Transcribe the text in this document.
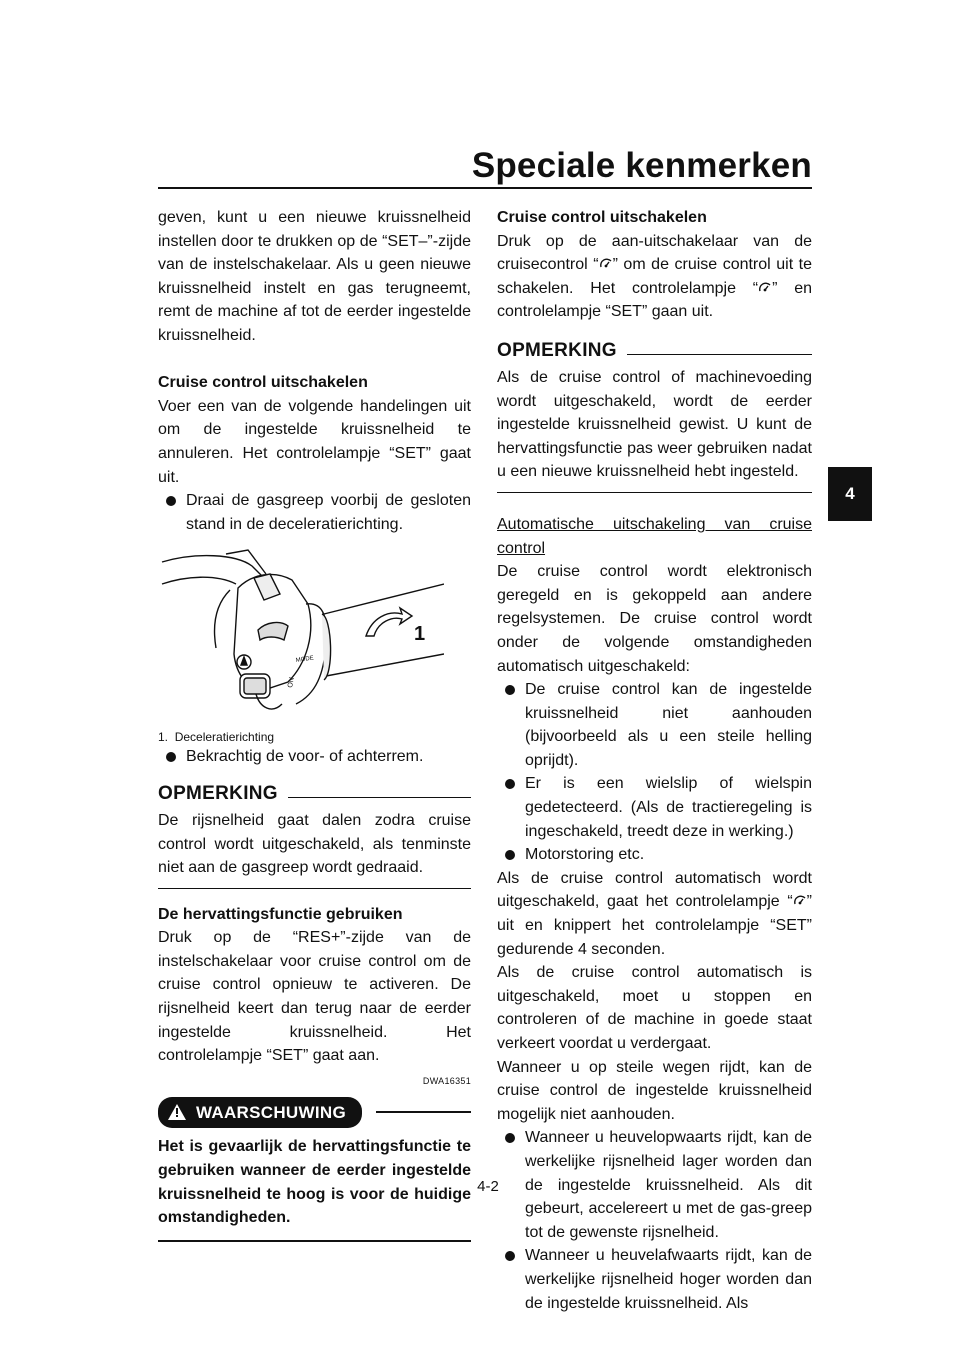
Speciale kenmerken

geven, kunt u een nieuwe kruissnelheid instellen door te drukken op de “SET–”-zijde van de instelschakelaar. Als u geen nieuwe kruissnelheid instelt en gas terugneemt, remt de machine af tot de eerder ingestelde kruissnelheid.

Cruise control uitschakelen

Voer een van de volgende handelingen uit om de ingestelde kruissnelheid te annuleren. Het controlelampje “SET” gaat uit.

Draai de gasgreep voorbij de gesloten stand in de deceleratierichting.
MODE
ON
1

1. Deceleratierichting

Bekrachtig de voor- of achterrem.
OPMERKING

De rijsnelheid gaat dalen zodra cruise control wordt uitgeschakeld, als tenminste niet aan de gasgreep wordt gedraaid.

De hervattingsfunctie gebruiken

Druk op de “RES+”-zijde van de instelschakelaar voor cruise control om de cruise control opnieuw te activeren. De rijsnelheid keert dan terug naar de eerder ingestelde kruissnelheid. Het controlelampje “SET” gaat aan.

DWA16351
WAARSCHUWING
Het is gevaarlijk de hervattingsfunctie te gebruiken wanneer de eerder ingestelde kruissnelheid te hoog is voor de huidige omstandigheden.
Cruise control uitschakelen

Druk op de aan-uitschakelaar van de cruisecontrol “ ” om de cruise control uit te schakelen. Het controlelampje “ ” en controlelampje “SET” gaan uit.

OPMERKING

Als de cruise control of machinevoeding wordt uitgeschakeld, wordt de eerder ingestelde kruissnelheid gewist. U kunt de hervattingsfunctie pas weer gebruiken nadat u een nieuwe kruissnelheid hebt ingesteld.

Automatische uitschakeling van cruise control

De cruise control wordt elektronisch geregeld en is gekoppeld aan andere regelsystemen. De cruise control wordt onder de volgende omstandigheden automatisch uitgeschakeld:

De cruise control kan de ingestelde kruissnelheid niet aanhouden (bijvoorbeeld als u een steile helling oprijdt).
Er is een wielslip of wielspin gedetecteerd. (Als de tractieregeling is ingeschakeld, treedt deze in werking.)
Motorstoring etc.

Als de cruise control automatisch wordt uitgeschakeld, gaat het controlelampje “ ” uit en knippert het controlelampje “SET” gedurende 4 seconden.

Als de cruise control automatisch is uitgeschakeld, moet u stoppen en controleren of de machine in goede staat verkeert voordat u verdergaat.

Wanneer u op steile wegen rijdt, kan de cruise control de ingestelde kruissnelheid mogelijk niet aanhouden.

Wanneer u heuvelopwaarts rijdt, kan de werkelijke rijsnelheid lager worden dan de ingestelde kruissnelheid. Als dit gebeurt, accelereert u met de gas-greep tot de gewenste rijsnelheid.
Wanneer u heuvelafwaarts rijdt, kan de werkelijke rijsnelheid hoger worden dan de ingestelde kruissnelheid. Als
4
4-2
